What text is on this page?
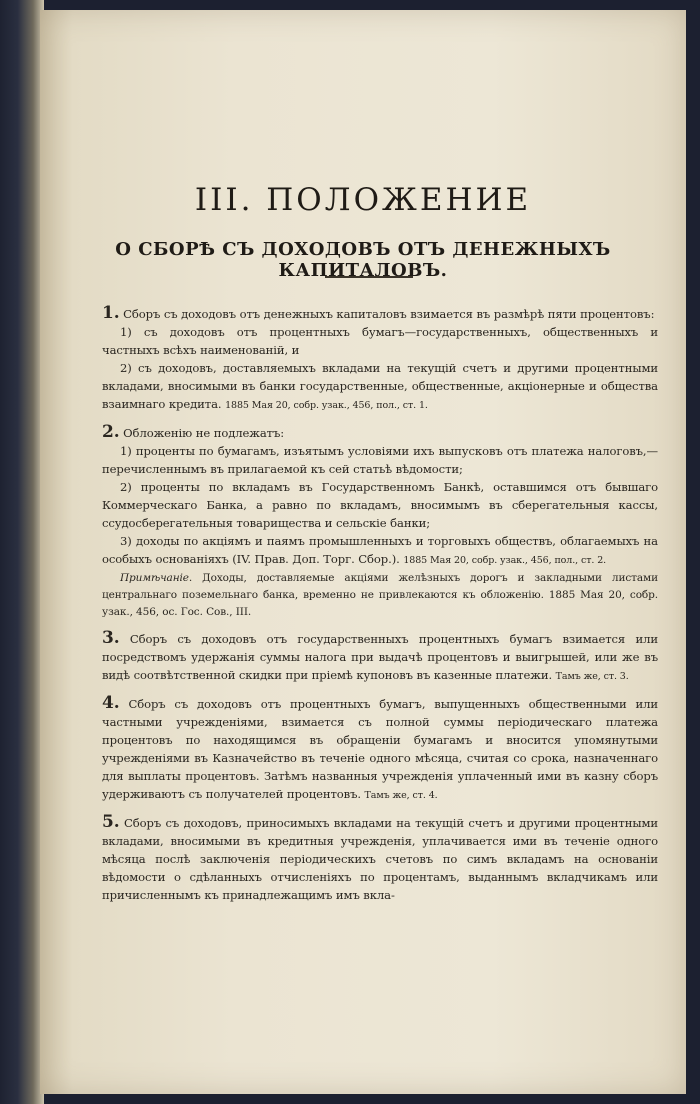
III. ПОЛОЖЕНИЕ
О СБОРѢ СЪ ДОХОДОВЪ ОТЪ ДЕНЕЖНЫХЪ КАПИТАЛОВЪ.

1. Сборъ съ доходовъ отъ денежныхъ капиталовъ взимается въ размѣрѣ пяти процентовъ:

1) съ доходовъ отъ процентныхъ бумагъ—государственныхъ, общественныхъ и частныхъ всѣхъ наименованій, и

2) съ доходовъ, доставляемыхъ вкладами на текущій счетъ и другими процентными вкладами, вносимыми въ банки государственные, общественные, акціонерные и общества взаимнаго кредита. 1885 Мая 20, собр. узак., 456, пол., ст. 1.

2. Обложенію не подлежатъ:

1) проценты по бумагамъ, изъятымъ условіями ихъ выпусковъ отъ платежа налоговъ,—перечисленнымъ въ прилагаемой къ сей статьѣ вѣдомости;

2) проценты по вкладамъ въ Государственномъ Банкѣ, оставшимся отъ бывшаго Коммерческаго Банка, а равно по вкладамъ, вносимымъ въ сберегательныя кассы, ссудосберегательныя товарищества и сельскіе банки;

3) доходы по акціямъ и паямъ промышленныхъ и торговыхъ обществъ, облагаемыхъ на особыхъ основаніяхъ (IV. Прав. Доп. Торг. Сбор.). 1885 Мая 20, собр. узак., 456, пол., ст. 2.

Примѣчаніе. Доходы, доставляемые акціями желѣзныхъ дорогъ и закладными листами центральнаго поземельнаго банка, временно не привлекаются къ обложенію. 1885 Мая 20, собр. узак., 456, ос. Гос. Сов., III.

3. Сборъ съ доходовъ отъ государственныхъ процентныхъ бумагъ взимается или посредствомъ удержанія суммы налога при выдачѣ процентовъ и выигрышей, или же въ видѣ соотвѣтственной скидки при пріемѣ купоновъ въ казенные платежи. Тамъ же, ст. 3.

4. Сборъ съ доходовъ отъ процентныхъ бумагъ, выпущенныхъ общественными или частными учрежденіями, взимается съ полной суммы періодическаго платежа процентовъ по находящимся въ обращеніи бумагамъ и вносится упомянутыми учрежденіями въ Казначейство въ теченіе одного мѣсяца, считая со срока, назначеннаго для выплаты процентовъ. Затѣмъ названныя учрежденія уплаченный ими въ казну сборъ удерживаютъ съ получателей процентовъ. Тамъ же, ст. 4.

5. Сборъ съ доходовъ, приносимыхъ вкладами на текущій счетъ и другими процентными вкладами, вносимыми въ кредитныя учрежденія, уплачивается ими въ теченіе одного мѣсяца послѣ заключенія періодическихъ счетовъ по симъ вкладамъ на основаніи вѣдомости о сдѣланныхъ отчисленіяхъ по процентамъ, выданнымъ вкладчикамъ или причисленнымъ къ принадлежащимъ имъ вкла-
